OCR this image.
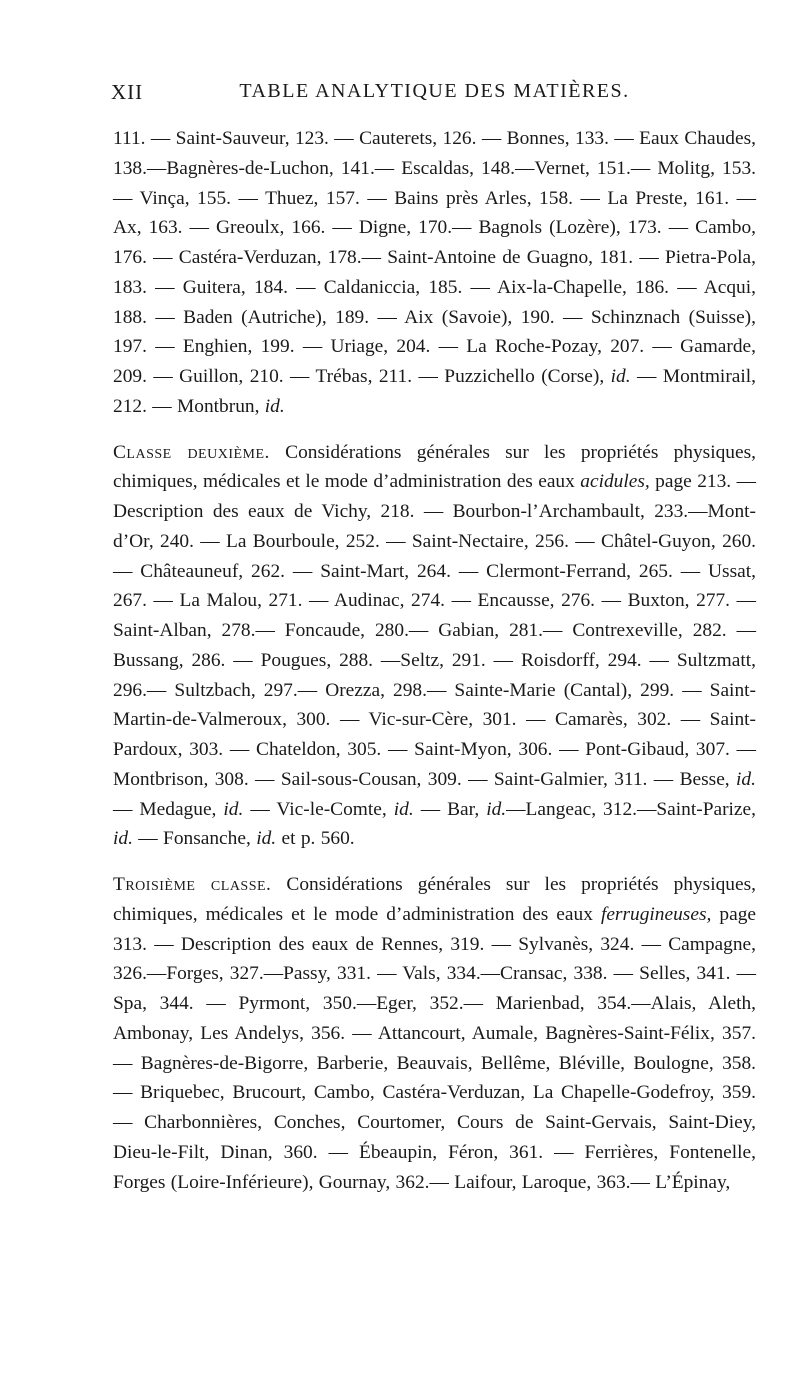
XII	TABLE ANALYTIQUE DES MATIÈRES.

111. — Saint-Sauveur, 123. — Cauterets, 126. — Bonnes, 133. — Eaux Chaudes, 138.—Bagnères-de-Luchon, 141.— Escaldas, 148.—Vernet, 151.— Molitg, 153. — Vinça, 155. — Thuez, 157. — Bains près Arles, 158. — La Preste, 161. — Ax, 163. — Greoulx, 166. — Digne, 170.— Bagnols (Lozère), 173. — Cambo, 176. — Castéra-Verduzan, 178.— Saint-Antoine de Guagno, 181. — Pietra-Pola, 183. — Guitera, 184. — Caldaniccia, 185. — Aix-la-Chapelle, 186. — Acqui, 188. — Baden (Autriche), 189. — Aix (Savoie), 190. — Schinznach (Suisse), 197. — Enghien, 199. — Uriage, 204. — La Roche-Pozay, 207. — Gamarde, 209. — Guillon, 210. — Trébas, 211. — Puzzichello (Corse), id. — Montmirail, 212. — Montbrun, id.

Classe deuxième. Considérations générales sur les propriétés physiques, chimiques, médicales et le mode d’administration des eaux acidules, page 213. — Description des eaux de Vichy, 218. — Bourbon-l’Archambault, 233.—Mont-d’Or, 240. — La Bourboule, 252. — Saint-Nectaire, 256. — Châtel-Guyon, 260. — Châteauneuf, 262. — Saint-Mart, 264. — Clermont-Ferrand, 265. — Ussat, 267. — La Malou, 271. — Audinac, 274. — Encausse, 276. — Buxton, 277. — Saint-Alban, 278.— Foncaude, 280.— Gabian, 281.— Contrexeville, 282. — Bussang, 286. — Pougues, 288. —Seltz, 291. — Roisdorff, 294. — Sultzmatt, 296.— Sultzbach, 297.— Orezza, 298.— Sainte-Marie (Cantal), 299. — Saint-Martin-de-Valmeroux, 300. — Vic-sur-Cère, 301. — Camarès, 302. — Saint-Pardoux, 303. — Chateldon, 305. — Saint-Myon, 306. — Pont-Gibaud, 307. — Montbrison, 308. — Sail-sous-Cousan, 309. — Saint-Galmier, 311. — Besse, id. — Medague, id. — Vic-le-Comte, id. — Bar, id.—Langeac, 312.—Saint-Parize, id. — Fonsanche, id. et p. 560.

Troisième classe. Considérations générales sur les propriétés physiques, chimiques, médicales et le mode d’administration des eaux ferrugineuses, page 313. — Description des eaux de Rennes, 319. — Sylvanès, 324. — Campagne, 326.—Forges, 327.—Passy, 331. — Vals, 334.—Cransac, 338. — Selles, 341. — Spa, 344. — Pyrmont, 350.—Eger, 352.— Marienbad, 354.—Alais, Aleth, Ambonay, Les Andelys, 356. — Attancourt, Aumale, Bagnères-Saint-Félix, 357. — Bagnères-de-Bigorre, Barberie, Beauvais, Bellême, Bléville, Boulogne, 358. — Briquebec, Brucourt, Cambo, Castéra-Verduzan, La Chapelle-Godefroy, 359.— Charbonnières, Conches, Courtomer, Cours de Saint-Gervais, Saint-Diey, Dieu-le-Filt, Dinan, 360. — Ébeaupin, Féron, 361. — Ferrières, Fontenelle, Forges (Loire-Inférieure), Gournay, 362.— Laifour, Laroque, 363.— L’Épinay,
